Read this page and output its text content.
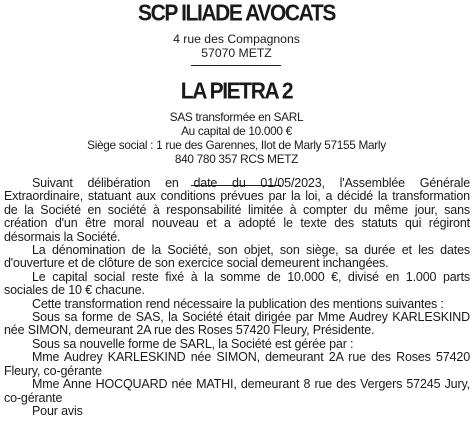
SCP ILIADE AVOCATS
4 rue des Compagnons
57070 METZ
LA PIETRA 2
SAS transformée en SARL
Au capital de 10.000 €
Siège social : 1 rue des Garennes, Ilot de Marly 57155 Marly
840 780 357 RCS METZ

Suivant délibération en date du 01/05/2023, l'Assemblée Générale Extraordinaire, statuant aux conditions prévues par la loi, a décidé la transformation de la Société en société à responsabilité limitée à compter du même jour, sans création d'un être moral nouveau et a adopté le texte des statuts qui régiront désormais la Société.

La dénomination de la Société, son objet, son siège, sa durée et les dates d'ouverture et de clôture de son exercice social demeurent inchangées.

Le capital social reste fixé à la somme de 10.000 €, divisé en 1.000 parts sociales de 10 € chacune.

Cette transformation rend nécessaire la publication des mentions suivantes :

Sous sa forme de SAS, la Société était dirigée par Mme Audrey KARLESKIND née SIMON, demeurant 2A rue des Roses 57420 Fleury, Présidente.

Sous sa nouvelle forme de SARL, la Société est gérée par :

Mme Audrey KARLESKIND née SIMON, demeurant 2A rue des Roses 57420 Fleury, co-gérante

Mme Anne HOCQUARD née MATHI, demeurant 8 rue des Vergers 57245 Jury, co-gérante

Pour avis
